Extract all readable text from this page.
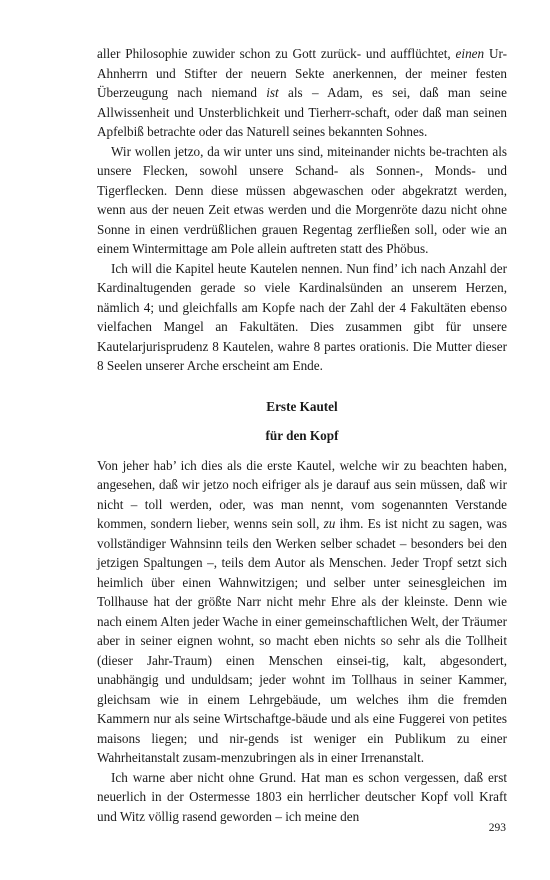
aller Philosophie zuwider schon zu Gott zurück- und aufflüchtet, einen Ur-Ahnherrn und Stifter der neuern Sekte anerkennen, der meiner festen Überzeugung nach niemand ist als – Adam, es sei, daß man seine Allwissenheit und Unsterblichkeit und Tierherr-schaft, oder daß man seinen Apfelbiß betrachte oder das Naturell seines bekannten Sohnes.

Wir wollen jetzo, da wir unter uns sind, miteinander nichts be-trachten als unsere Flecken, sowohl unsere Schand- als Sonnen-, Monds- und Tigerflecken. Denn diese müssen abgewaschen oder abgekratzt werden, wenn aus der neuen Zeit etwas werden und die Morgenröte dazu nicht ohne Sonne in einen verdrüßlichen grauen Regentag zerfließen soll, oder wie an einem Wintermittage am Pole allein auftreten statt des Phöbus.

Ich will die Kapitel heute Kautelen nennen. Nun find’ ich nach Anzahl der Kardinaltugenden gerade so viele Kardinalsünden an unserem Herzen, nämlich 4; und gleichfalls am Kopfe nach der Zahl der 4 Fakultäten ebenso vielfachen Mangel an Fakultäten. Dies zusammen gibt für unsere Kautelarjurisprudenz 8 Kautelen, wahre 8 partes orationis. Die Mutter dieser 8 Seelen unserer Arche erscheint am Ende.

Erste Kautel
für den Kopf

Von jeher hab’ ich dies als die erste Kautel, welche wir zu beachten haben, angesehen, daß wir jetzo noch eifriger als je darauf aus sein müssen, daß wir nicht – toll werden, oder, was man nennt, vom sogenannten Verstande kommen, sondern lieber, wenns sein soll, zu ihm. Es ist nicht zu sagen, was vollständiger Wahnsinn teils den Werken selber schadet – besonders bei den jetzigen Spaltungen –, teils dem Autor als Menschen. Jeder Tropf setzt sich heimlich über einen Wahnwitzigen; und selber unter seinesgleichen im Tollhause hat der größte Narr nicht mehr Ehre als der kleinste. Denn wie nach einem Alten jeder Wache in einer gemeinschaftlichen Welt, der Träumer aber in seiner eignen wohnt, so macht eben nichts so sehr als die Tollheit (dieser Jahr-Traum) einen Menschen einsei-tig, kalt, abgesondert, unabhängig und unduldsam; jeder wohnt im Tollhaus in seiner Kammer, gleichsam wie in einem Lehrgebäude, um welches ihm die fremden Kammern nur als seine Wirtschaftge-bäude und als eine Fuggerei von petites maisons liegen; und nir-gends ist weniger ein Publikum zu einer Wahrheitanstalt zusam-menzubringen als in einer Irrenanstalt.

Ich warne aber nicht ohne Grund. Hat man es schon vergessen, daß erst neuerlich in der Ostermesse 1803 ein herrlicher deutscher Kopf voll Kraft und Witz völlig rasend geworden – ich meine den

293
